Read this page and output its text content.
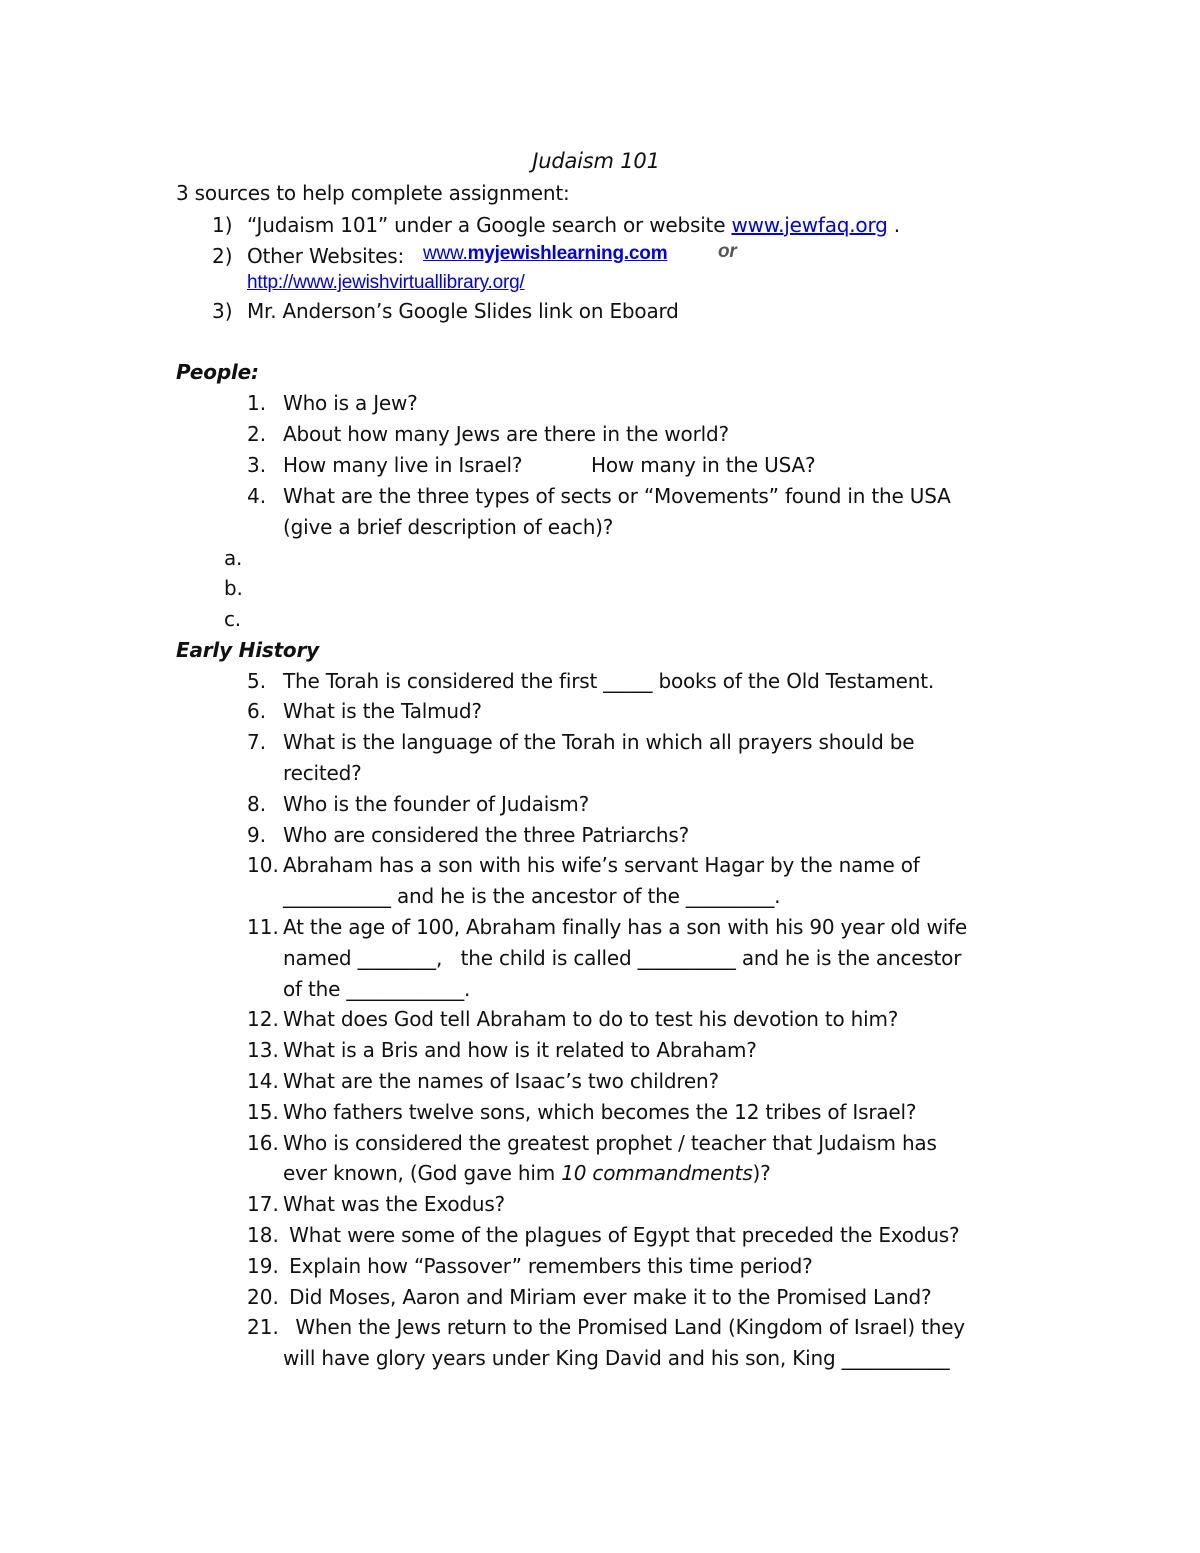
Judaism 101
3 sources to help complete assignment:
1) “Judaism 101” under a Google search or website www.jewfaq.org .
2) Other Websites: www.myjewishlearning.com	or
http://www.jewishvirtuallibrary.org/
3) Mr. Anderson’s Google Slides link on Eboard
People:
1. Who is a Jew?
2. About how many Jews are there in the world?
3. How many live in Israel?	How many in the USA?
4. What are the three types of sects or “Movements” found in the USA
(give a brief description of each)?
a.
b.
c.
Early History
5. The Torah is considered the first _____ books of the Old Testament.
6. What is the Talmud?
7. What is the language of the Torah in which all prayers should be
recited?
8. Who is the founder of Judaism?
9. Who are considered the three Patriarchs?
10. Abraham has a son with his wife’s servant Hagar by the name of
___________ and he is the ancestor of the _________.
11. At the age of 100, Abraham finally has a son with his 90 year old wife
named ________,   the child is called __________ and he is the ancestor
of the ____________.
12. What does God tell Abraham to do to test his devotion to him?
13. What is a Bris and how is it related to Abraham?
14. What are the names of Isaac’s two children?
15. Who fathers twelve sons, which becomes the 12 tribes of Israel?
16. Who is considered the greatest prophet / teacher that Judaism has
ever known, (God gave him 10 commandments)?
17. What was the Exodus?
18. What were some of the plagues of Egypt that preceded the Exodus?
19. Explain how “Passover” remembers this time period?
20. Did Moses, Aaron and Miriam ever make it to the Promised Land?
21. When the Jews return to the Promised Land (Kingdom of Israel) they
will have glory years under King David and his son, King ___________
